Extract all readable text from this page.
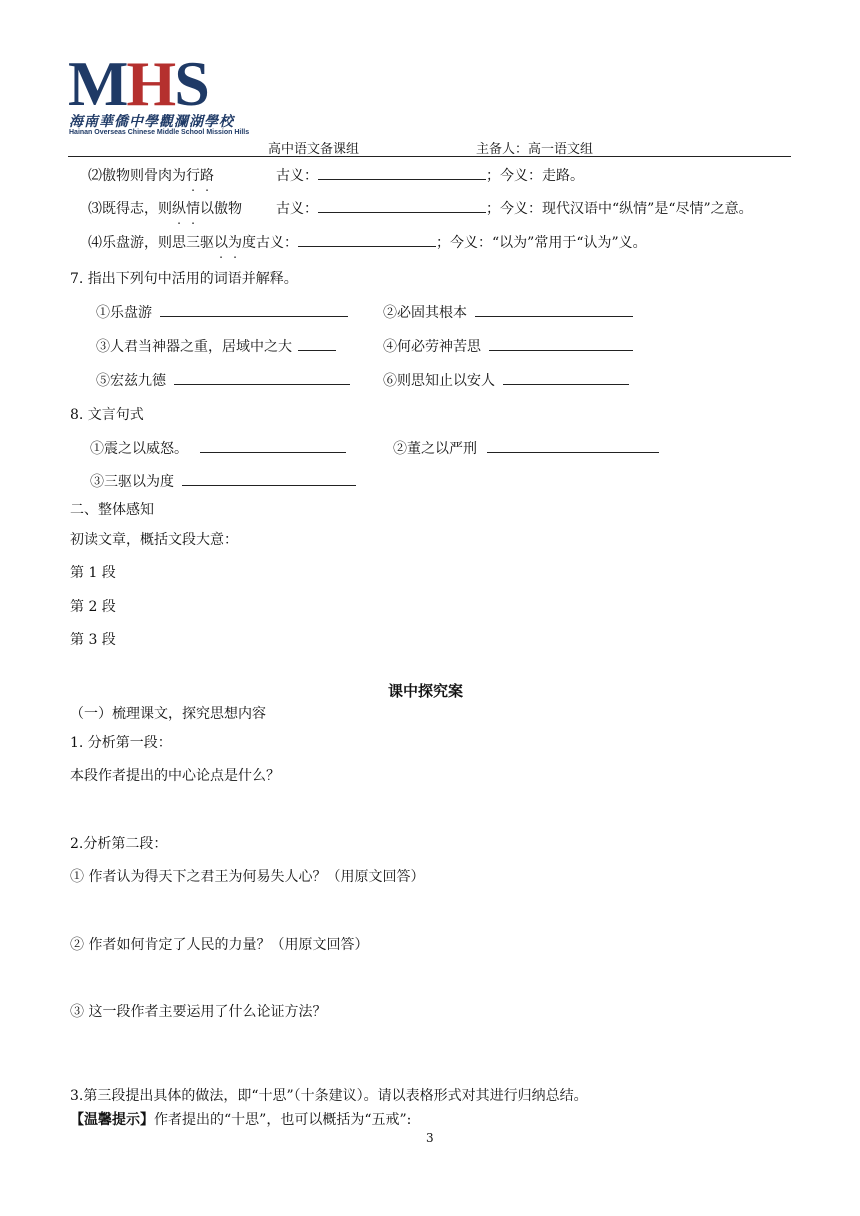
MHS
海南華僑中學觀瀾湖學校
Hainan Overseas Chinese Middle School Mission Hills
高中语文备课组	主备人：高一语文组
⑵傲物则骨肉为行路	古义：	；今义：走路。
⑶既得志，则纵情以傲物 古义：	；今义：现代汉语中“纵情”是“尽情”之意。
⑷乐盘游，则思三驱以为度古义：	；今义：“以为”常用于“认为”义。
7. 指出下列句中活用的词语并解释。
①乐盘游	②必固其根本
③人君当神器之重，居域中之大	④何必劳神苦思
⑤宏兹九德	⑥则思知止以安人
8. 文言句式
①震之以威怒。	②董之以严刑
③三驱以为度
二、整体感知
初读文章，概括文段大意：
第 1 段
第 2 段
第 3 段
课中探究案
（一）梳理课文，探究思想内容
1. 分析第一段：
本段作者提出的中心论点是什么？
2.分析第二段：
① 作者认为得天下之君王为何易失人心？（用原文回答）
② 作者如何肯定了人民的力量？（用原文回答）
③ 这一段作者主要运用了什么论证方法？
3.第三段提出具体的做法，即“十思”（十条建议）。请以表格形式对其进行归纳总结。
【温馨提示】作者提出的“十思”，也可以概括为“五戒”:
3
